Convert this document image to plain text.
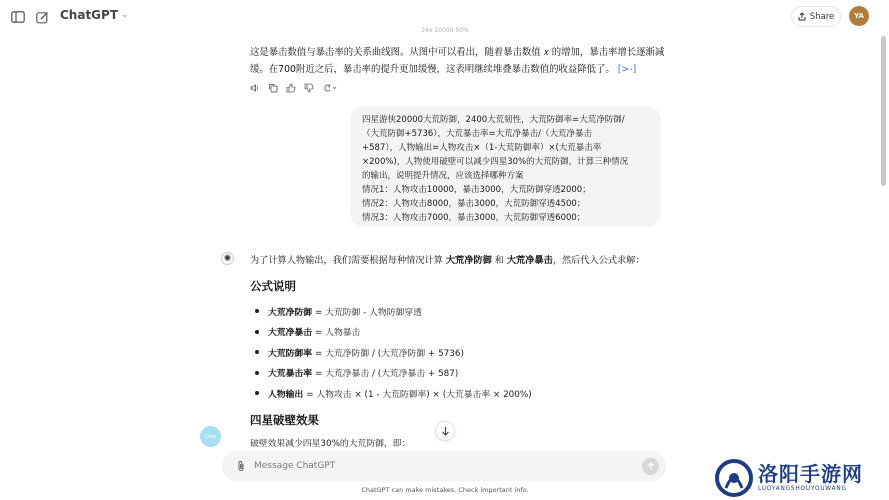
ChatGPT ⌄	Share	YA
24x 10000 50%
这是暴击数值与暴击率的关系曲线图。从图中可以看出，随着暴击数值 𝑥 的增加，暴击率增长逐渐减缓。在700附近之后，暴击率的提升更加缓慢，这表明继续堆叠暴击数值的收益降低了。 [>-]
四星游侠20000大荒防御，2400大荒韧性，大荒防御率=大荒净防御/
（大荒防御+5736），大荒暴击率=大荒净暴击/（大荒净暴击
+587），人物输出=人物攻击×（1-大荒防御率）×(大荒暴击率
×200%)，人物使用破壁可以减少四星30%的大荒防御，计算三种情况
的输出，说明提升情况，应该选择哪种方案
情况1：人物攻击10000，暴击3000，大荒防御穿透2000；
情况2：人物攻击8000，暴击3000，大荒防御穿透4500；
情况3：人物攻击7000，暴击3000，大荒防御穿透6000；
✺ 为了计算人物输出，我们需要根据每种情况计算 大荒净防御 和 大荒净暴击，然后代入公式求解：
公式说明
大荒净防御 = 大荒防御 - 人物防御穿透
大荒净暴击 = 人物暴击
大荒防御率 = 大荒净防御 / (大荒净防御 + 5736)
大荒暴击率 = 大荒净暴击 / (大荒净暴击 + 587)
人物输出 = 人物攻击 × (1 - 大荒防御率) × (大荒暴击率 × 200%)
四星破壁效果
破壁效果减少四星30%的大荒防御，即：
Ollie
Message ChatGPT
ChatGPT can make mistakes. Check important info.
洛阳手游网
LUOYANGSHOUYOUWANG
